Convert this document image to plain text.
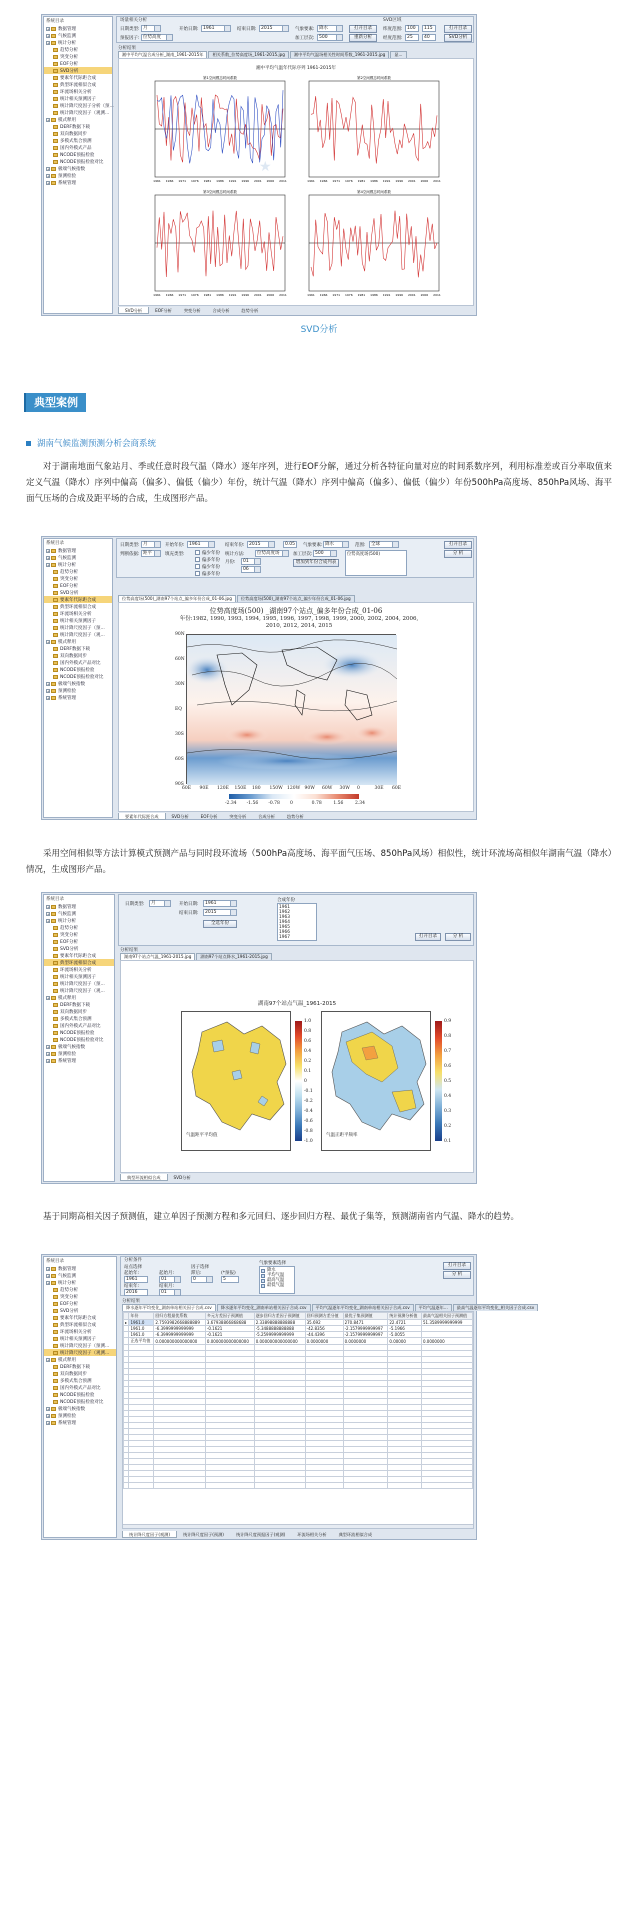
系统目录
+ 数据管理
+ 气候监测
+ 统计分析
趋势分析
突变分析
EOF分析
SVD分析
要素年代际距合成
典型环流相似合成
环流场相关分析
统计相关预测因子
统计降尺度因子分析（预...
统计降尺度因子（观测...
+ 模式释用
DERF数据下载
双向数据同步
多模式集合预测
国内外模式产品
NCODE预报检验
NCODE预报检验对比
+ 极端气候指数
+ 预测检验
+ 系统管理
场量相关分析
日期类型: 月
预报因子: 位势高度
开始日期: 1961	结束日期: 2015	气象要素: 降水
加工层次: 500
打开目录
重新分析
SVD区域
纬度范围: 100	115
经度范围: 25	40
打开目录
SVD分析
分析结果
湘中平均气温合成分析_湖南_1961-2015年	相关系数_位势高度场_1961-2015.jpg	湘中平均气温场相关性时间系数_1961-2015.jpg	显...
湘中平均气温年代际序列 1961-2015年
第1空间模态时间系数
1961 1966 1971 1976 1981 1986 1991 1996 2001 2006 2011
第2空间模态时间系数
1961 1966 1971 1976 1981 1986 1991 1996 2001 2006 2011
第3空间模态时间系数
1961 1966 1971 1976 1981 1986 1991 1996 2001 2006 2011
第4空间模态时间系数
1961 1966 1971 1976 1981 1986 1991 1996 2001 2006 2011
★
SVD分析	EOF分析	突变分析	合成分析	趋势分析
SVD分析
典型案例
湖南气候监测预测分析会商系统
对于湖南地面气象站月、季或任意时段气温（降水）逐年序列，进行EOF分解，通过分析各特征向量对应的时间系数序列，利用标准差或百分率取值来定义气温（降水）序列中偏高（偏多）、偏低（偏少）年份，统计气温（降水）序列中偏高（偏多）、偏低（偏少）年份500hPa高度场、850hPa风场、海平面气压场的合成及距平场的合成，生成图形产品。
系统目录
+ 数据管理
+ 气候监测
+ 统计分析
趋势分析
突变分析
EOF分析
SVD分析
要素年代际距合成
典型环流相似合成
环流场相关分析
统计相关预测因子
统计降尺度因子（预...
统计降尺度因子（观...
+ 模式释用
DERF数据下载
双向数据同步
国内外模式产品对比
NCODE预报检验
NCODE预报检验对比
+ 极端气候指数
+ 预测检验
+ 系统管理
日期类型: 月
判断依据: 距平
开始年份: 1961
填充类型:	偏少年份
偏多年份
偏少年份
偏多年份
结束年份: 2015
统计方法:	位势高度场
月份:	01
06
0.05	气象要素: 降水
加工层次: 500
增加到年份合成列表
范围:	全球
位势高度场(500)
打开目录
分 析
位势高度场(500)_湖南97个站点_偏多年份合成_01-06.jpg	位势高度场(500)_湖南97个站点_偏少年份合成_01-06.jpg
位势高度场(500) _湖南97个站点_偏多年份合成_01-06
年份:1982, 1990, 1993, 1994, 1995, 1996, 1997, 1998, 1999, 2000, 2002, 2004, 2006, 2010, 2012, 2014, 2015
90N
60N
30N
EQ
30S
60S
90S
60E 90E 120E 150E 180 150W 120W 90W 60W 30W 0	30E 60E
-2.34 -1.56 -0.78 0	0.78	1.56	2.34
要素年代际距合成	SVD分析	EOF分析	突变分析	合成分析	趋势分析
采用空间相似等方法计算模式预测产品与同时段环流场（500hPa高度场、海平面气压场、850hPa风场）相似性，统计环流场高相似年湖南气温（降水）情况，生成图形产品。
系统目录
+ 数据管理
+ 气候监测
+ 统计分析
趋势分析
突变分析
EOF分析
SVD分析
要素年代际距合成
典型环流相似合成
环流场相关分析
统计相关预测因子
统计降尺度因子（预...
统计降尺度因子（观...
+ 模式释用
DERF数据下载
双向数据同步
多模式集合预测
国内外模式产品对比
NCODE预报检验
NCODE预报检验对比
+ 极端气候指数
+ 预测检验
+ 系统管理
日期类型:	月	开始日期:	1961
结束日期:	2015
全选年份
合成年份
1961
1962
1963
1964
1965
1966
1967	打开目录	分 析
分析结果
湖南97个站点气温_1961-2015.jpg	湖南97个站点降水_1961-2015.jpg
湖南97个站点气温_1961-2015
气温距平平均值
1.0
0.8
0.6
0.4
0.2
0.1
0
-0.1
-0.2
-0.4
-0.6
-0.8
-1.0
气温正距平频率
0.9
0.8
0.7
0.6
0.5
0.4
0.3
0.2
0.1
典型环流相似合成	SVD分析
基于同期高相关因子预测值，建立单因子预测方程和多元回归、逐步回归方程、最优子集等，预测湖南省内气温、降水的趋势。
系统目录
+ 数据管理
+ 气候监测
+ 统计分析
趋势分析
突变分析
EOF分析
SVD分析
要素年代际距合成
典型环流相似合成
环流场相关分析
统计相关预测因子
统计降尺度因子（预测...
统计降尺度因子（观测...
+ 模式释用
DERF数据下载
双向数据同步
多模式集合预测
国内外模式产品对比
NCODE预报检验
NCODE预报检验对比
+ 极端气候指数
+ 预测检验
+ 系统管理
分析条件
站点选择
起始年:
1961
结束年:
2016
起始月:
01
结束月:
01
因子选择
滞后:
0
(*预报)
5
气象要素选择
降水
平均气温
最高气温
最低气温
打开目录
分 析
分析结果
降水逐年平均变化_湖南单站相关因子合成.csv	降水逐年平均变化_湖南单站相关因子合成.csv	平均气温逐年平均变化_湖南单站相关因子合成.csv	平均气温逐年...	最高气温逐年平均变化_相关因子合成.csv
	年份	回归方程最优系数	多元方差因子预测值	逐步回归方差因子预测值	回归预测方差分值	最优子集预测值	统计预测分析值	最高气温相关因子预测值
▸	1961.0	2.7593982668888889	3.67938866868688	2.33898888888888	35.692	270.8471	22.4721	51.3589999999999
	1961.0	-6.3999999999999	-0.1621	-5.3488888888888	-42.8356	-2.1579999999997	-5.1966	
	1961.0	-6.3999999999999	-0.1621	-5.2599999999999	-44.4396	-2.1579999999997	-5.0055	
	正选平均值	0.000000000000000	0.000000000000000	0.000000000000000	0.0000000	0.0000000	0.00000	0.0000000

统计降尺度因子(观测)	统计降尺度因子(预测)	统计降尺度预报因子(观测)	环流场相关分析	典型环流相似合成
